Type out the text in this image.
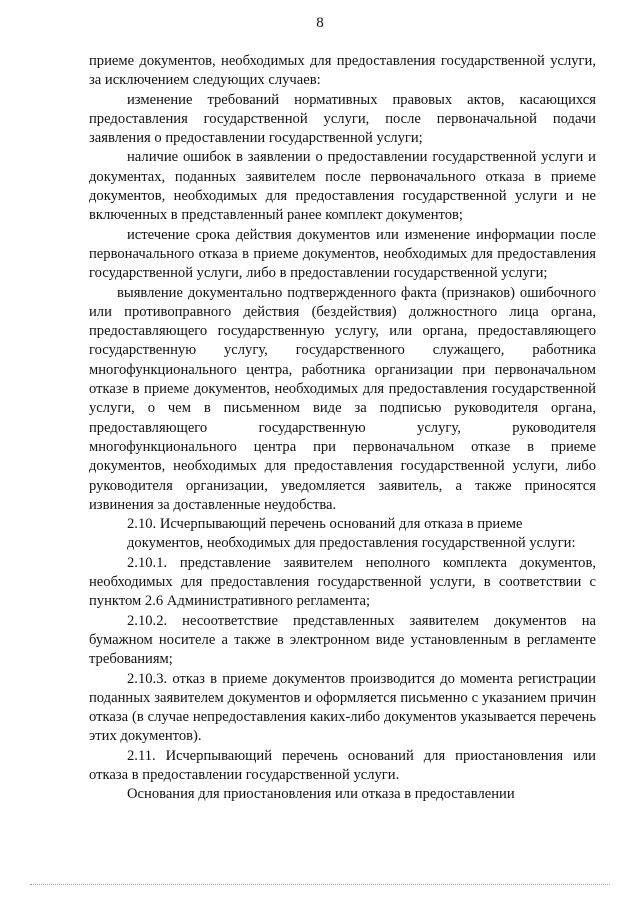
8

приеме документов, необходимых для предоставления государственной услуги, за исключением следующих случаев:

изменение требований нормативных правовых актов, касающихся предоставления государственной услуги, после первоначальной подачи заявления о предоставлении государственной услуги;

наличие ошибок в заявлении о предоставлении государственной услуги и документах, поданных заявителем после первоначального отказа в приеме документов, необходимых для предоставления государственной услуги и не включенных в представленный ранее комплект документов;

истечение срока действия документов или изменение информации после первоначального отказа в приеме документов, необходимых для предоставления государственной услуги, либо в предоставлении государственной услуги;

выявление документально подтвержденного факта (признаков) ошибочного или противоправного действия (бездействия) должностного лица органа, предоставляющего государственную услугу, или органа, предоставляющего государственную услугу, государственного служащего, работника многофункционального центра, работника организации при первоначальном отказе в приеме документов, необходимых для предоставления государственной услуги, о чем в письменном виде за подписью руководителя органа, предоставляющего государственную услугу, руководителя многофункционального центра при первоначальном отказе в приеме документов, необходимых для предоставления государственной услуги, либо руководителя организации, уведомляется заявитель, а также приносятся извинения за доставленные неудобства.

2.10. Исчерпывающий перечень оснований для отказа в приеме

документов, необходимых для предоставления государственной услуги:

2.10.1. представление заявителем неполного комплекта документов, необходимых для предоставления государственной услуги, в соответствии с пунктом 2.6 Административного регламента;

2.10.2. несоответствие представленных заявителем документов на бумажном носителе а также в электронном виде установленным в регламенте требованиям;

2.10.3. отказ в приеме документов производится до момента регистрации поданных заявителем документов и оформляется письменно с указанием причин отказа (в случае непредоставления каких-либо документов указывается перечень этих документов).

2.11. Исчерпывающий перечень оснований для приостановления или отказа в предоставлении государственной услуги.

Основания для приостановления или отказа в предоставлении
